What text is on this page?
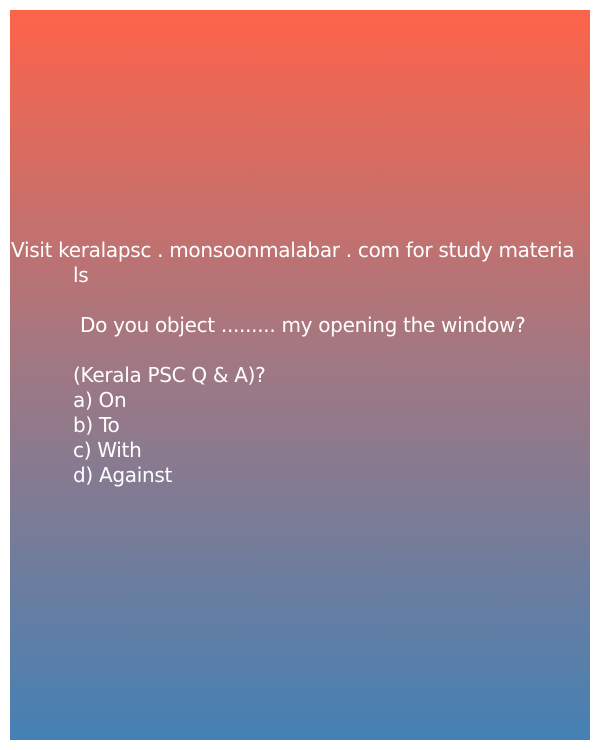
Visit keralapsc . monsoonmalabar . com for study materia
ls
Do you object ......... my opening the window?
(Kerala PSC Q & A)?
a) On
b) To
c) With
d) Against
